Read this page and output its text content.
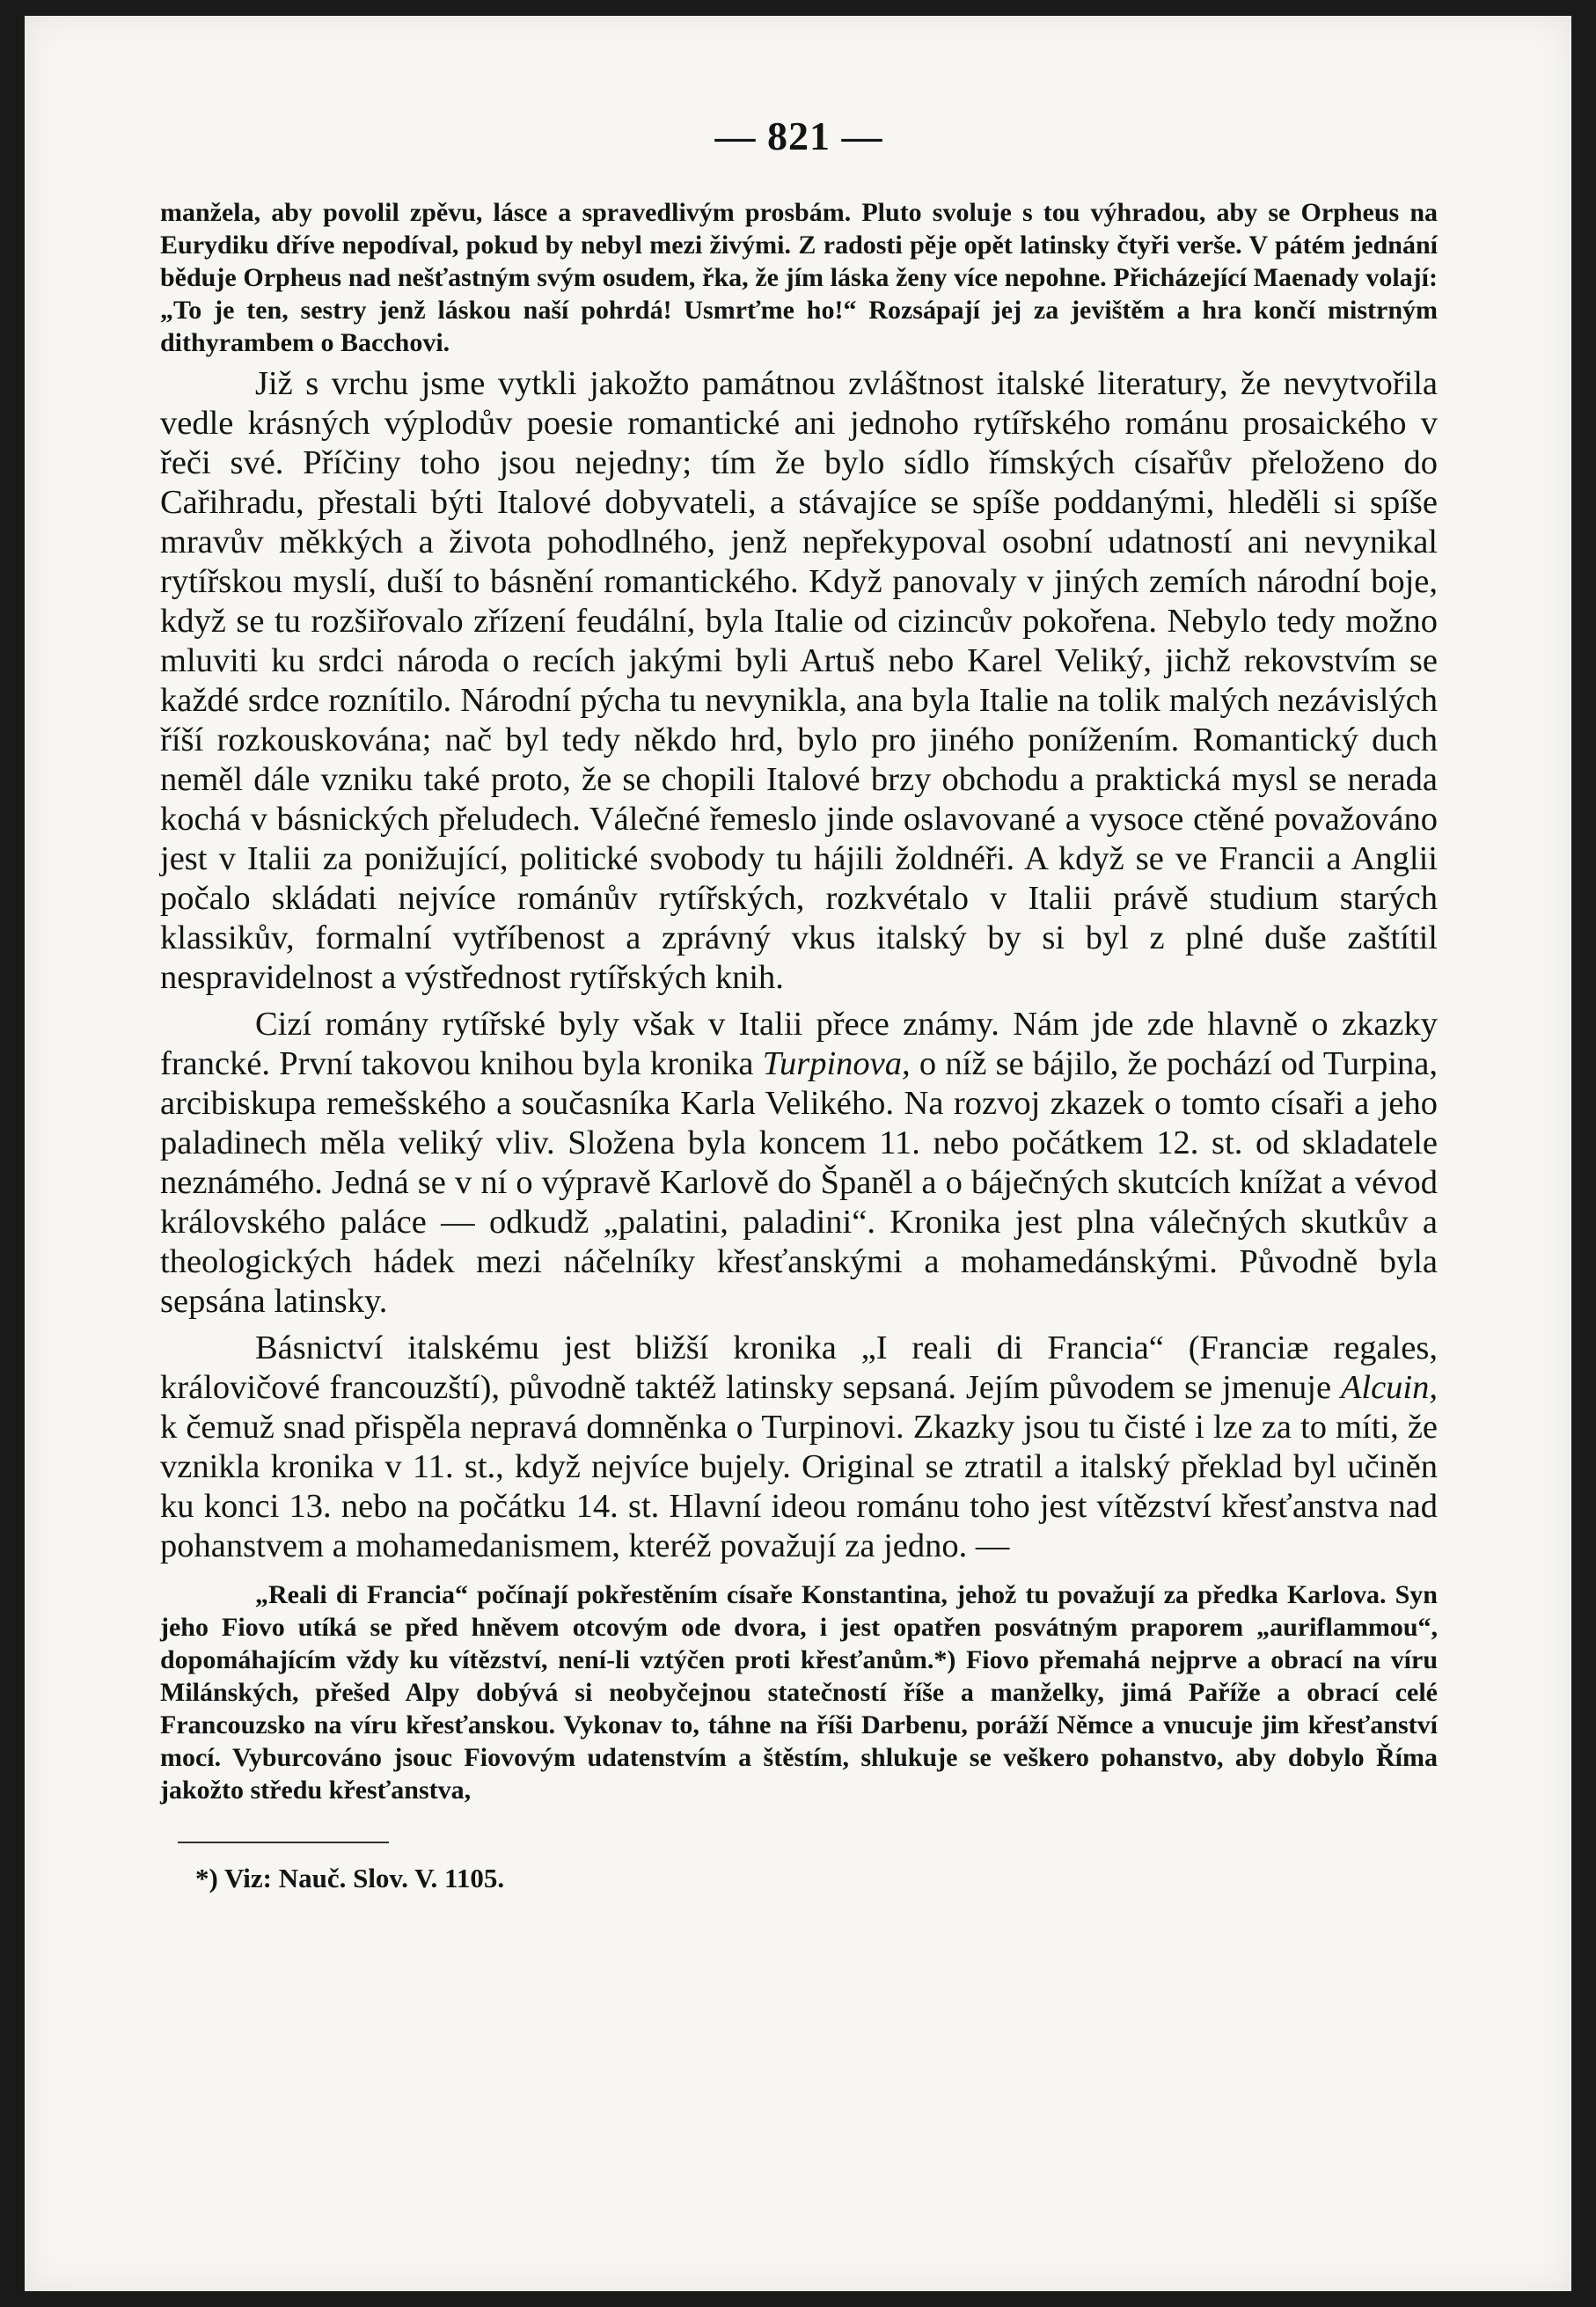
— 821 —

manžela, aby povolil zpěvu, lásce a spravedlivým prosbám. Pluto svoluje s tou výhradou, aby se Orpheus na Eurydiku dříve nepodíval, pokud by nebyl mezi živými. Z radosti pěje opět latinsky čtyři verše. V pátém jednání běduje Orpheus nad nešťastným svým osudem, řka, že jím láska ženy více nepohne. Přicházející Maenady volají: „To je ten, sestry jenž láskou naší pohrdá! Usmrťme ho!“ Rozsápají jej za jevištěm a hra končí mistrným dithyrambem o Bacchovi.

Již s vrchu jsme vytkli jakožto památnou zvláštnost italské literatury, že nevytvořila vedle krásných výplodův poesie romantické ani jednoho rytířského románu prosaického v řeči své. Příčiny toho jsou nejedny; tím že bylo sídlo římských císařův přeloženo do Cařihradu, přestali býti Italové dobyvateli, a stávajíce se spíše poddanými, hleděli si spíše mravův měkkých a života pohodlného, jenž nepřekypoval osobní udatností ani nevynikal rytířskou myslí, duší to básnění romantického. Když panovaly v jiných zemích národní boje, když se tu rozšiřovalo zřízení feudální, byla Italie od cizincův pokořena. Nebylo tedy možno mluviti ku srdci národa o recích jakými byli Artuš nebo Karel Veliký, jichž rekovstvím se každé srdce roznítilo. Národní pýcha tu nevynikla, ana byla Italie na tolik malých nezávislých říší rozkouskována; nač byl tedy někdo hrd, bylo pro jiného ponížením. Romantický duch neměl dále vzniku také proto, že se chopili Italové brzy obchodu a praktická mysl se nerada kochá v básnických přeludech. Válečné řemeslo jinde oslavované a vysoce ctěné považováno jest v Italii za ponižující, politické svobody tu hájili žoldnéři. A když se ve Francii a Anglii počalo skládati nejvíce románův rytířských, rozkvétalo v Italii právě studium starých klassikův, formalní vytříbenost a zprávný vkus italský by si byl z plné duše zaštítil nespravidelnost a výstřednost rytířských knih.

Cizí romány rytířské byly však v Italii přece známy. Nám jde zde hlavně o zkazky francké. První takovou knihou byla kronika Turpinova, o níž se bájilo, že pochází od Turpina, arcibiskupa remešského a současníka Karla Velikého. Na rozvoj zkazek o tomto císaři a jeho paladinech měla veliký vliv. Složena byla koncem 11. nebo počátkem 12. st. od skladatele neznámého. Jedná se v ní o výpravě Karlově do Španěl a o báječných skutcích knížat a vévod královského paláce — odkudž „palatini, paladini“. Kronika jest plna válečných skutkův a theologických hádek mezi náčelníky křesťanskými a mohamedánskými. Původně byla sepsána latinsky.

Básnictví italskému jest bližší kronika „I reali di Francia“ (Franciæ regales, královičové francouzští), původně taktéž latinsky sepsaná. Jejím původem se jmenuje Alcuin, k čemuž snad přispěla nepravá domněnka o Turpinovi. Zkazky jsou tu čisté i lze za to míti, že vznikla kronika v 11. st., když nejvíce bujely. Original se ztratil a italský překlad byl učiněn ku konci 13. nebo na počátku 14. st. Hlavní ideou románu toho jest vítězství křesťanstva nad pohanstvem a mohamedanismem, kteréž považují za jedno. —

„Reali di Francia“ počínají pokřestěním císaře Konstantina, jehož tu považují za předka Karlova. Syn jeho Fiovo utíká se před hněvem otcovým ode dvora, i jest opatřen posvátným praporem „auriflammou“, dopomáhajícím vždy ku vítězství, není-li vztýčen proti křesťanům.*) Fiovo přemahá nejprve a obrací na víru Milánských, přešed Alpy dobývá si neobyčejnou statečností říše a manželky, jimá Paříže a obrací celé Francouzsko na víru křesťanskou. Vykonav to, táhne na říši Darbenu, poráží Němce a vnucuje jim křesťanství mocí. Vyburcováno jsouc Fiovovým udatenstvím a štěstím, shlukuje se veškero pohanstvo, aby dobylo Říma jakožto středu křesťanstva,

*) Viz: Nauč. Slov. V. 1105.
